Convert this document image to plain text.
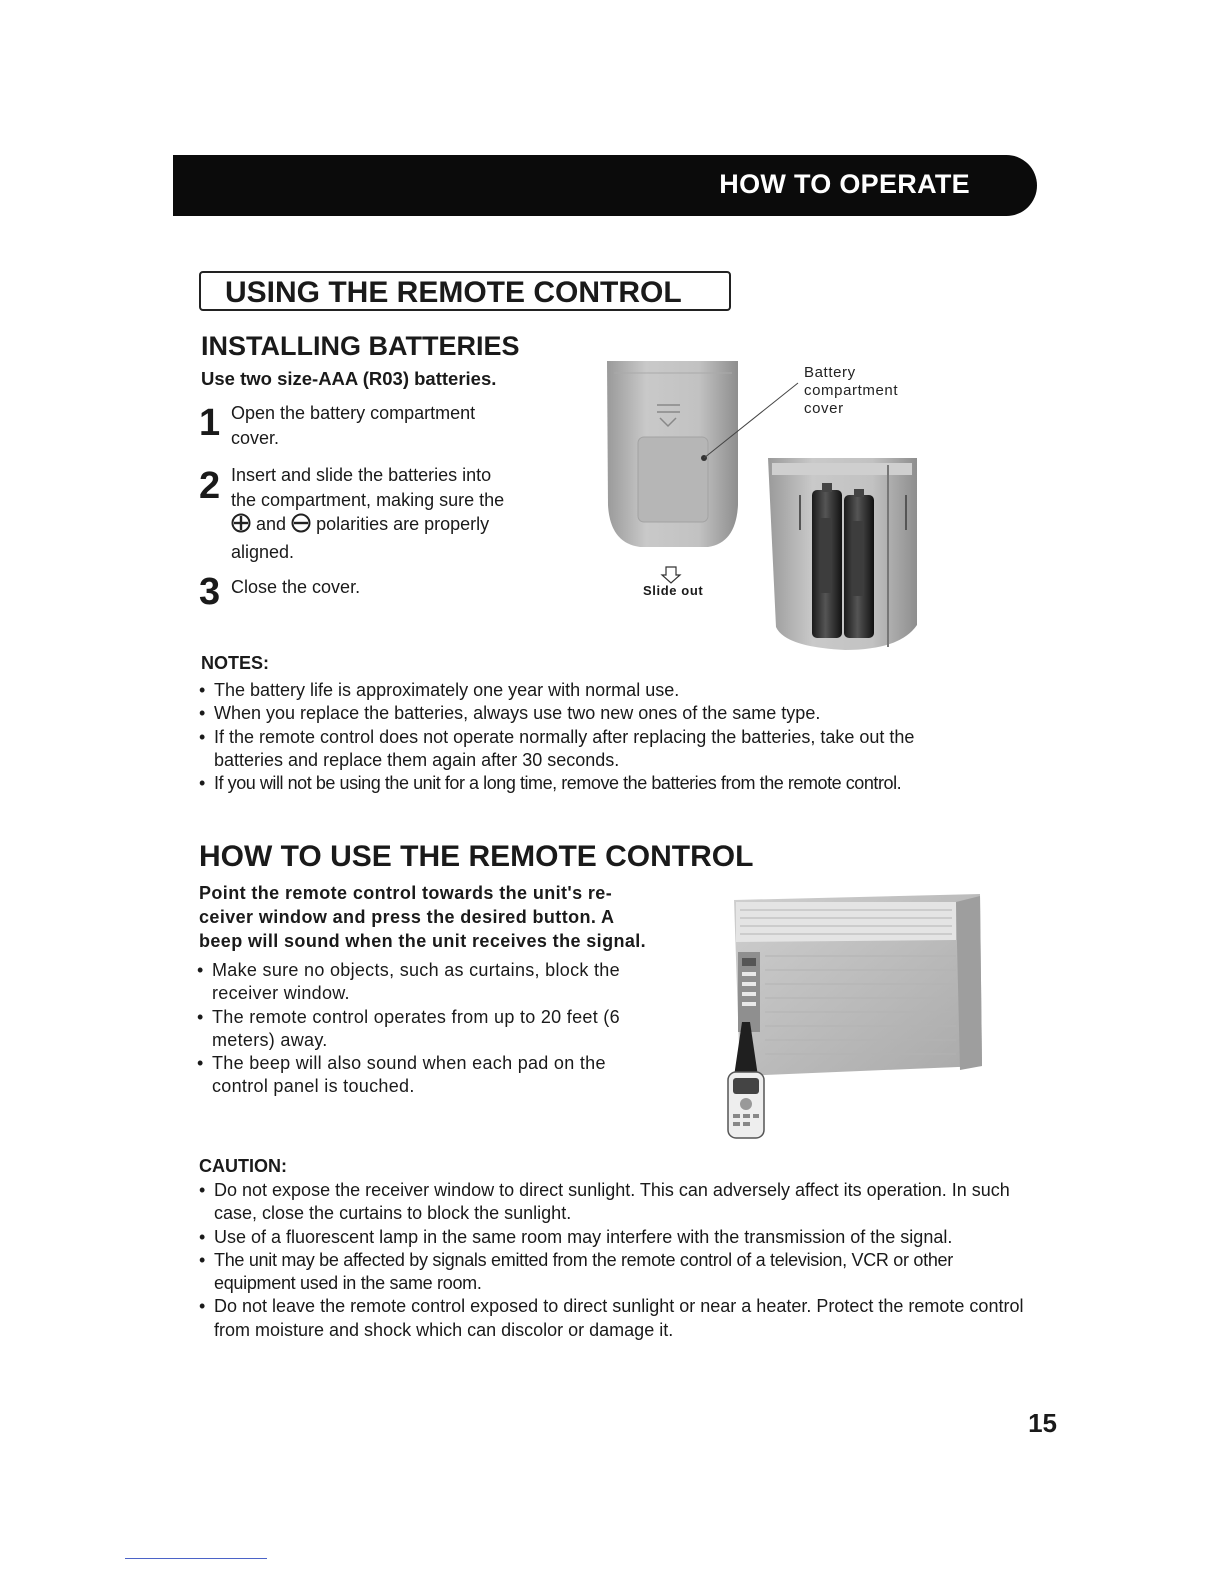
HOW TO OPERATE
USING THE REMOTE CONTROL
INSTALLING BATTERIES
Use two size-AAA (R03) batteries.
1 Open the battery compartment cover.
2 Insert and slide the batteries into the compartment, making sure the  and polarities are properly aligned.
3 Close the cover.
Battery compartment cover
Slide out
NOTES:
• The battery life is approximately one year with normal use.
• When you replace the batteries, always use two new ones of the same type.
• If the remote control does not operate normally after replacing the batteries, take out the batteries and replace them again after 30 seconds.
• If you will not be using the unit for a long time, remove the batteries from the remote control.
HOW TO USE THE REMOTE CONTROL
Point the remote control towards the unit's re-ceiver window and press the desired button. A beep will sound when the unit receives the signal.
• Make sure no objects, such as curtains, block the receiver window.
• The remote control operates from up to 20 feet (6 meters) away.
• The beep will also sound when each pad on the control panel is touched.
CAUTION:
• Do not expose the receiver window to direct sunlight. This can adversely affect its operation. In such case, close the curtains to block the sunlight.
• Use of a fluorescent lamp in the same room may interfere with the transmission of the signal.
• The unit may be affected by signals emitted from the remote control of a television, VCR or other equipment used in the same room.
• Do not leave the remote control exposed to direct sunlight or near a heater. Protect the remote control from moisture and shock which can discolor or damage it.
15
